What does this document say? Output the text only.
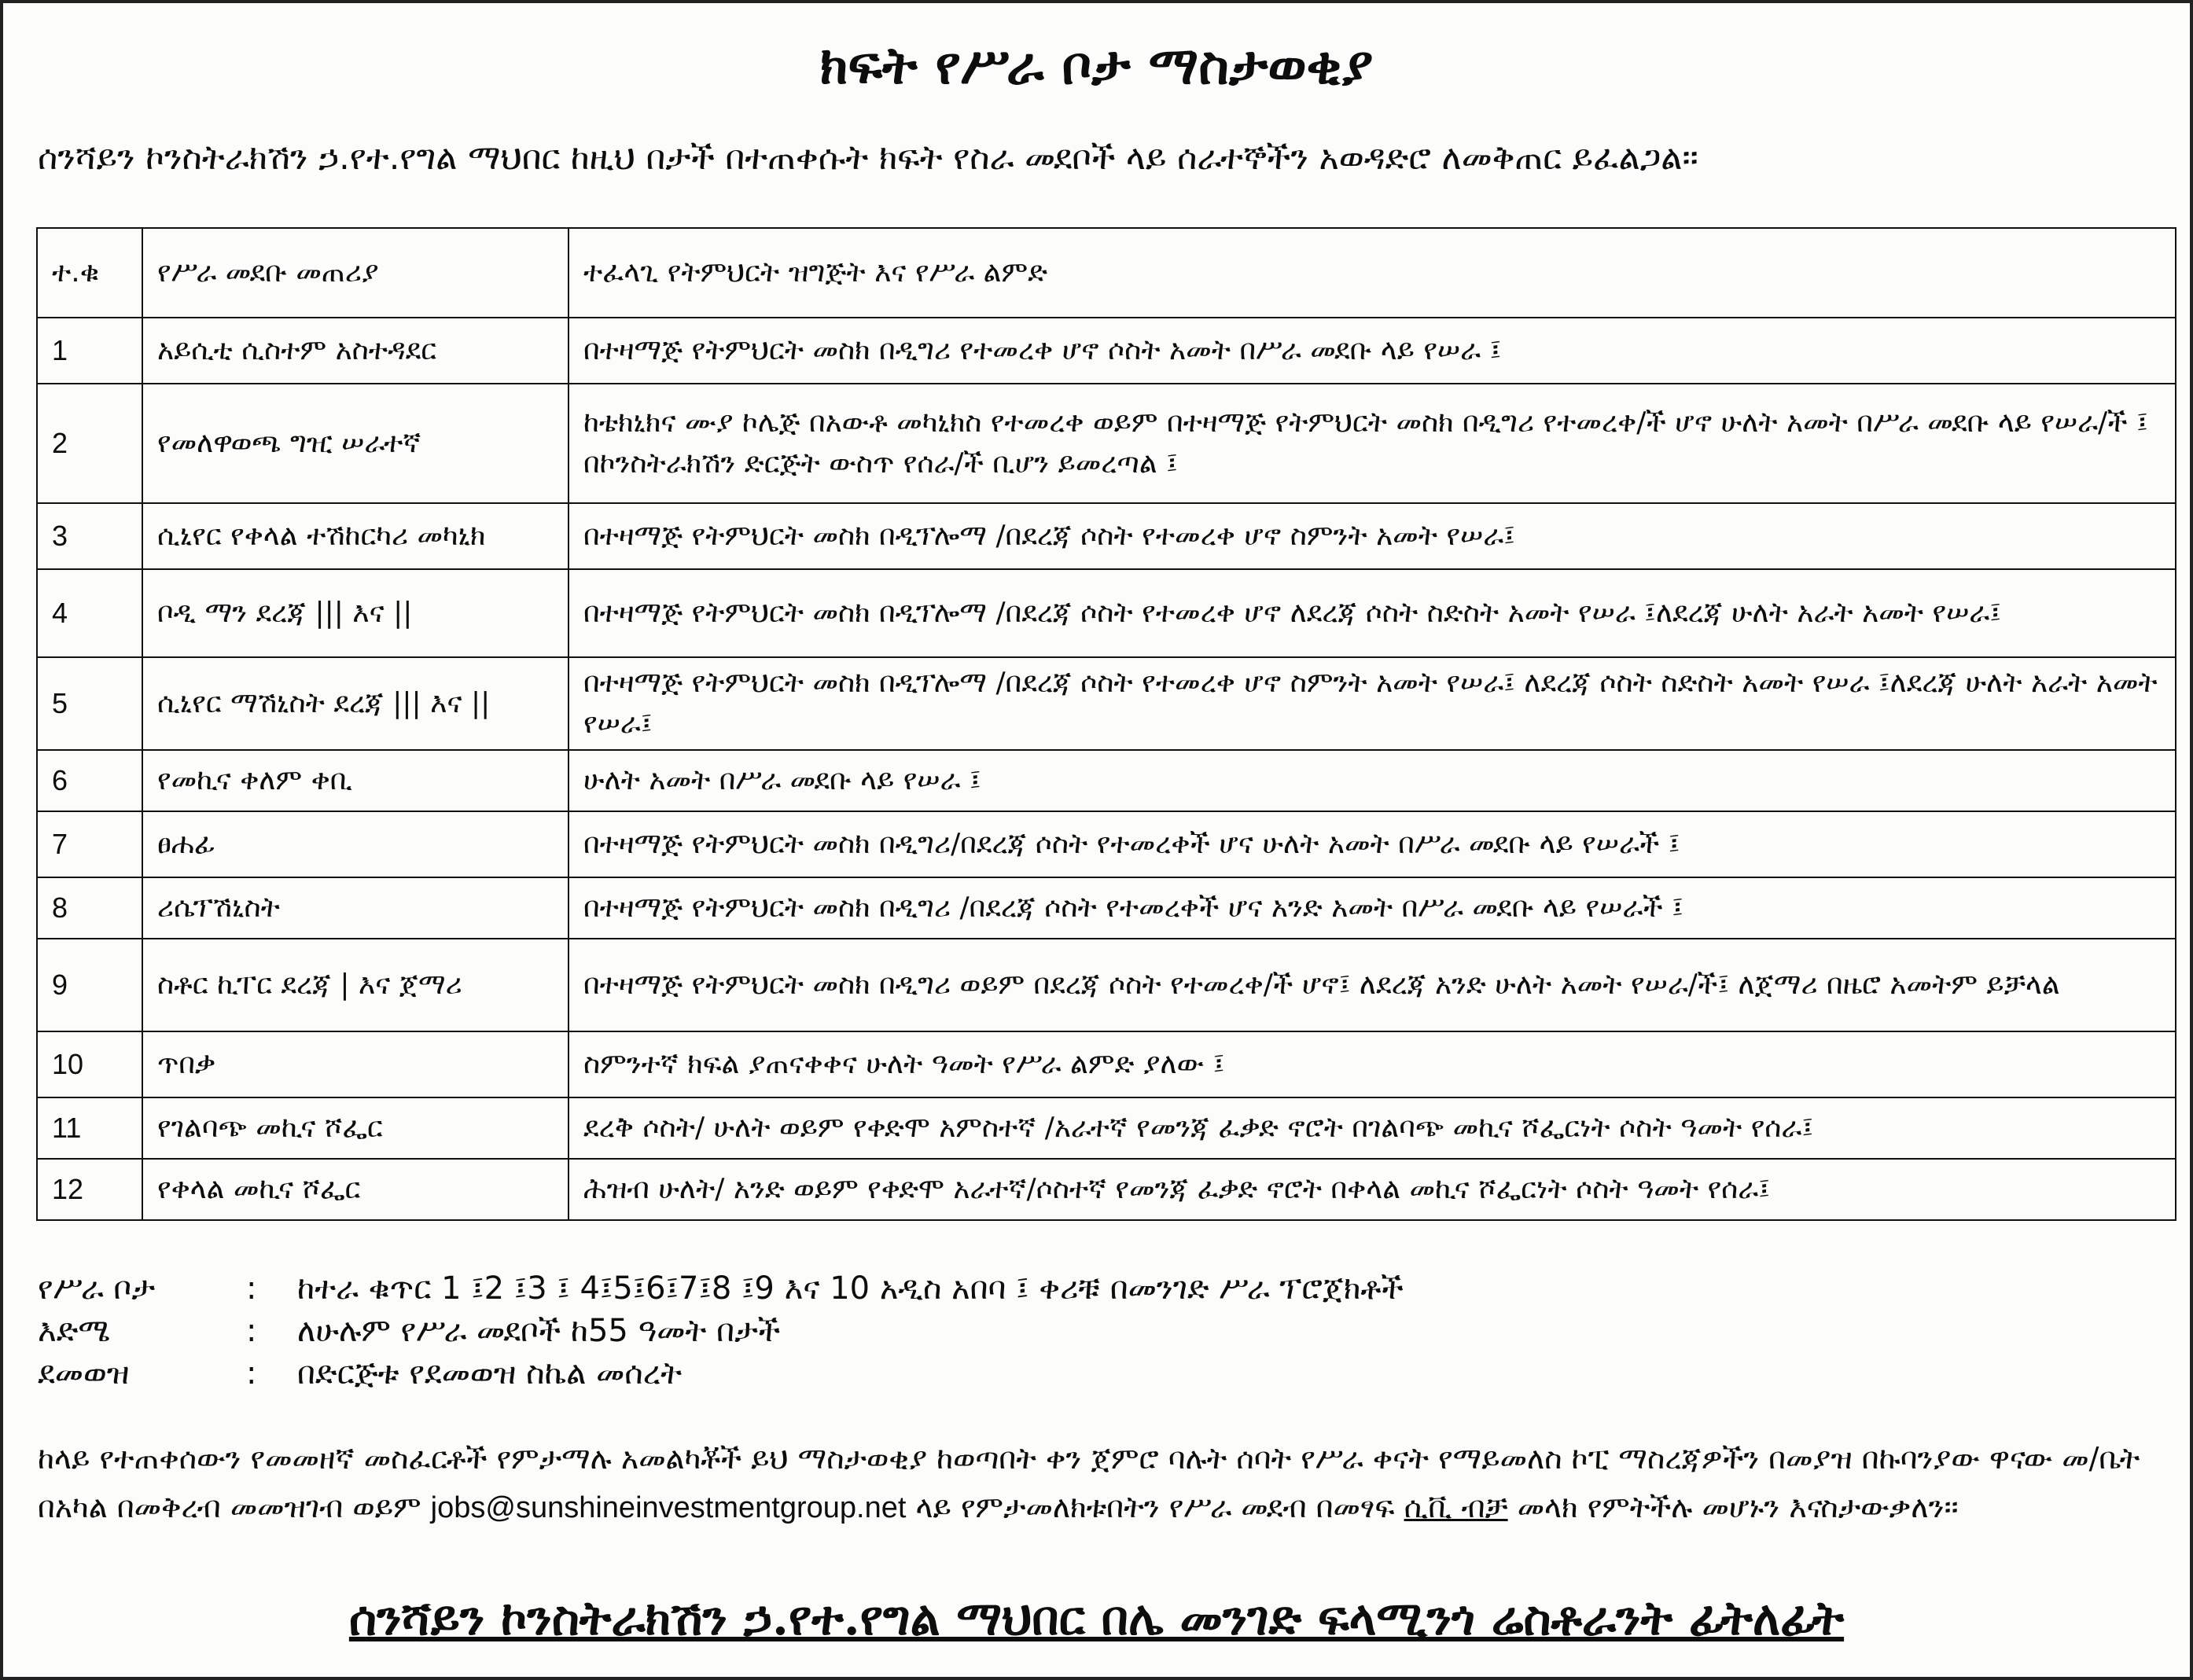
ክፍት የሥራ ቦታ ማስታወቂያ
ሰንሻይን ኮንስትራክሽን ኃ.የተ.የግል ማህበር ከዚህ በታች በተጠቀሱት ክፍት የስራ መደቦች ላይ ሰራተኞችን አወዳድሮ ለመቅጠር ይፈልጋል፡፡
ተ.ቁ	የሥራ መደቡ መጠሪያ	ተፈላጊ የትምህርት ዝግጅት እና የሥራ ልምድ
1	አይሲቲ ሲስተም አስተዳደር	በተዛማጅ የትምህርት መስክ በዲግሪ የተመረቀ ሆኖ ሶስት አመት በሥራ መደቡ ላይ የሠራ ፤
2	የመለዋወጫ ግዢ ሠራተኛ	ከቴክኒክና ሙያ ኮሌጅ በአውቶ መካኒክስ የተመረቀ ወይም በተዛማጅ የትምህርት መስክ በዲግሪ የተመረቀ/ች ሆኖ ሁለት አመት በሥራ መደቡ ላይ የሠራ/ች ፤ በኮንስትራክሽን ድርጅት ውስጥ የሰራ/ች ቢሆን ይመረጣል ፤
3	ሲኒየር የቀላል ተሽከርካሪ መካኒክ	በተዛማጅ የትምህርት መስክ በዲፕሎማ /በደረጃ ሶስት የተመረቀ ሆኖ ስምንት አመት የሠራ፤
4	ቦዲ ማን ደረጃ ||| እና ||	በተዛማጅ የትምህርት መስክ በዲፕሎማ /በደረጃ ሶስት የተመረቀ ሆኖ ለደረጃ ሶስት ስድስት አመት የሠራ ፤ለደረጃ ሁለት አራት አመት የሠራ፤
5	ሲኒየር ማሽኒስት ደረጃ ||| እና ||	በተዛማጅ የትምህርት መስክ በዲፕሎማ /በደረጃ ሶስት የተመረቀ ሆኖ ስምንት አመት የሠራ፤ ለደረጃ ሶስት ስድስት አመት የሠራ ፤ለደረጃ ሁለት አራት አመት የሠራ፤
6	የመኪና ቀለም ቀቢ	ሁለት አመት በሥራ መደቡ ላይ የሠራ ፤
7	ፀሐፊ	በተዛማጅ የትምህርት መስክ በዲግሪ/በደረጃ ሶስት የተመረቀች ሆና ሁለት አመት በሥራ መደቡ ላይ የሠራች ፤
8	ሪሴፕሽኒስት	በተዛማጅ የትምህርት መስክ በዲግሪ /በደረጃ ሶስት የተመረቀች ሆና አንድ አመት በሥራ መደቡ ላይ የሠራች ፤
9	ስቶር ኪፐር ደረጃ | እና ጀማሪ	በተዛማጅ የትምህርት መስክ በዲግሪ ወይም በደረጃ ሶስት የተመረቀ/ች ሆኖ፤ ለደረጃ አንድ ሁለት አመት የሠራ/ች፤ ለጀማሪ በዜሮ አመትም ይቻላል
10	ጥበቃ	ስምንተኛ ክፍል ያጠናቀቀና ሁለት ዓመት የሥራ ልምድ ያለው ፤
11	የገልባጭ መኪና ሾፌር	ደረቅ ሶስት/ ሁለት ወይም የቀድሞ አምስተኛ /አራተኛ የመንጃ ፈቃድ ኖሮት በገልባጭ መኪና ሾፌርነት ሶስት ዓመት የሰራ፤
12	የቀላል መኪና ሾፌር	ሕዝብ ሁለት/ አንድ ወይም የቀድሞ አራተኛ/ሶስተኛ የመንጃ ፈቃድ ኖሮት በቀላል መኪና ሾፌርነት ሶስት ዓመት የሰራ፤
የሥራ ቦታ	: ከተራ ቁጥር 1 ፤2 ፤3 ፤ 4፤5፤6፤7፤8 ፤9 እና 10 አዲስ አበባ ፤ ቀሪቹ በመንገድ ሥራ ፕሮጀክቶች
እድሜ	: ለሁሉም የሥራ መደቦች ከ55 ዓመት በታች
ደመወዝ	: በድርጅቱ የደመወዝ ስኬል መሰረት
ከላይ የተጠቀሰውን የመመዘኛ መስፈርቶች የምታማሉ አመልካቾች ይህ ማስታወቂያ ከወጣበት ቀን ጀምሮ ባሉት ሰባት የሥራ ቀናት የማይመለስ ኮፒ ማስረጃዎችን በመያዝ በኩባንያው ዋናው መ/ቤት በአካል በመቅረብ መመዝገብ ወይም jobs@sunshineinvestmentgroup.net ላይ የምታመለክቱበትን የሥራ መደብ በመፃፍ ሲቪ ብቻ መላክ የምትችሉ መሆኑን እናስታውቃለን፡፡
ሰንሻይን ኮንስትራክሽን ኃ.የተ.የግል ማህበር በሌ መንገድ ፍላሚንጎ ሬስቶራንት ፊትለፊት
